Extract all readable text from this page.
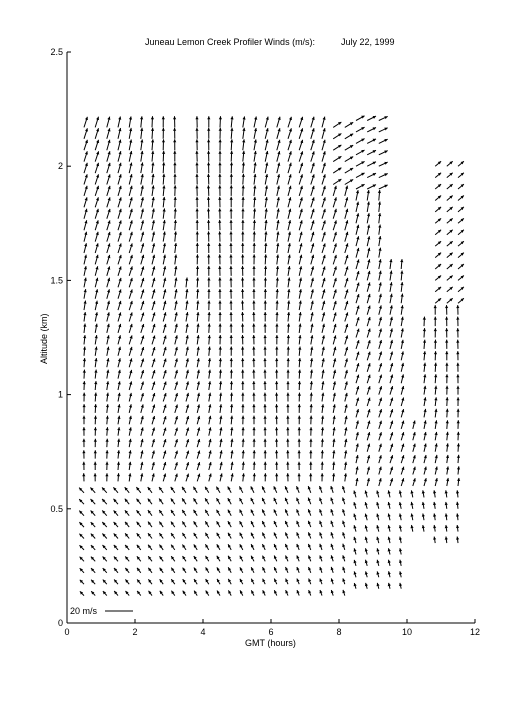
Juneau Lemon Creek Profiler Winds (m/s):	July 22, 1999
0	2	4	6	8	10	12
0
0.5
1
1.5
2
2.5
GMT (hours)
Altitude (km)
20 m/s
